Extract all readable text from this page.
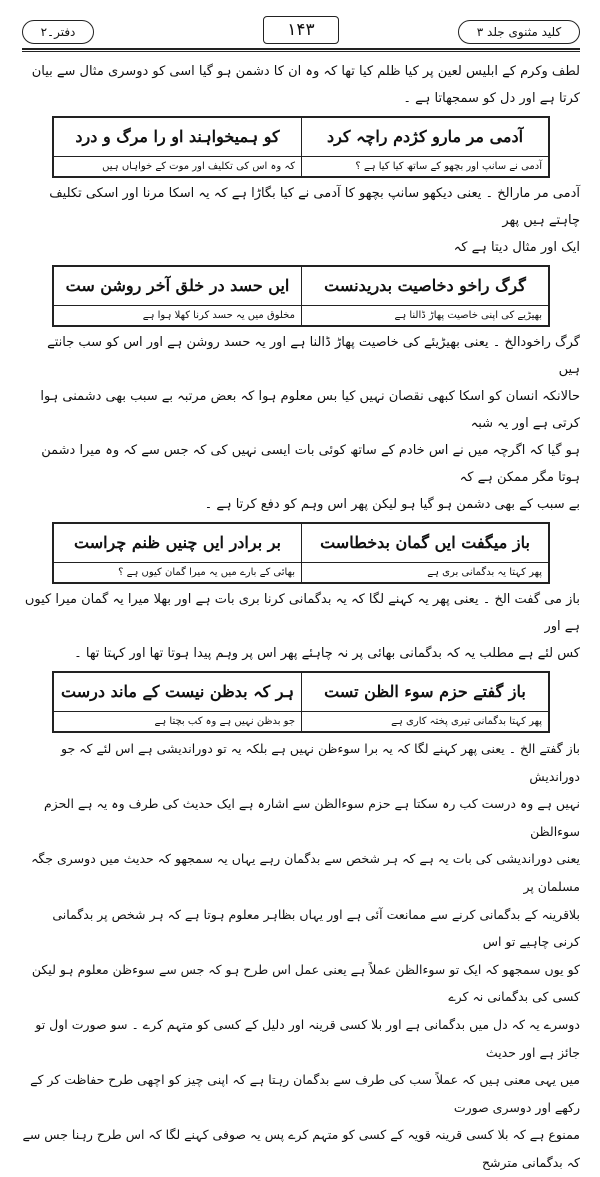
کلید مثنوی جلد ۳
۱۴۳
دفتر۔۲

لطف وکرم کے ابلیس لعین پر کیا ظلم کیا تھا کہ وہ ان کا دشمن ہو گیا اسی کو دوسری مثال سے بیان کرتا ہے اور دل کو سمجھاتا ہے ۔

آدمی مر مارو کژدم راچہ کرد
کو ہمیخواہند او را مرگ و درد
آدمی نے سانپ اور بچھو کے ساتھ کیا کیا ہے ؟
کہ وہ اس کی تکلیف اور موت کے خواہاں ہیں

آدمی مر مارالخ ۔ یعنی دیکھو سانپ بچھو کا آدمی نے کیا بگاڑا ہے کہ یہ اسکا مرنا اور اسکی تکلیف چاہتے ہیں پھر

ایک اور مثال دیتا ہے کہ

گرگ راخو دخاصیت بدریدنست
ایں حسد در خلق آخر روشن ست
بھیڑیے کی اپنی خاصیت پھاڑ ڈالنا ہے
مخلوق میں یہ حسد کرنا کھلا ہوا ہے

گرگ راخودالخ ۔ یعنی بھیڑیئے کی خاصیت پھاڑ ڈالنا ہے اور یہ حسد روشن ہے اور اس کو سب جانتے ہیں

حالانکہ انسان کو اسکا کبھی نقصان نہیں کیا بس معلوم ہوا کہ بعض مرتبہ بے سبب بھی دشمنی ہوا کرتی ہے اور یہ شبہ

ہو گیا کہ اگرچہ میں نے اس خادم کے ساتھ کوئی بات ایسی نہیں کی کہ جس سے کہ وہ میرا دشمن ہوتا مگر ممکن ہے کہ

بے سبب کے بھی دشمن ہو گیا ہو لیکن پھر اس وہم کو دفع کرتا ہے ۔

باز میگفت ایں گمان بدخطاست
بر برادر ایں چنیں ظنم چراست
پھر کہتا یہ بدگمانی بری ہے
بھائی کے بارے میں یہ میرا گمان کیوں ہے ؟

باز می گفت الخ ۔ یعنی پھر یہ کہنے لگا کہ یہ بدگمانی کرنا بری بات ہے اور بھلا میرا یہ گمان میرا کیوں ہے اور

کس لئے ہے مطلب یہ کہ بدگمانی بھائی پر نہ چاہئے پھر اس پر وہم پیدا ہوتا تھا اور کہتا تھا ۔

باز گفتے حزم سوء الظن تست
ہر کہ بدظن نیست کے ماند درست
پھر کہتا بدگمانی تیری پختہ کاری ہے
جو بدظن نہیں ہے وہ کب بچتا ہے

باز گفتے الخ ۔ یعنی پھر کہنے لگا کہ یہ برا سوءظن نہیں ہے بلکہ یہ تو دوراندیشی ہے اس لئے کہ جو دوراندیش

نہیں ہے وہ درست کب رہ سکتا ہے حزم سوءالظن سے اشارہ ہے ایک حدیث کی طرف وہ یہ ہے الحزم سوءالظن

یعنی دوراندیشی کی بات یہ ہے کہ ہر شخص سے بدگمان رہے یہاں یہ سمجھو کہ حدیث میں دوسری جگہ مسلمان پر

بلاقرینہ کے بدگمانی کرنے سے ممانعت آئی ہے اور یہاں بظاہر معلوم ہوتا ہے کہ ہر شخص پر بدگمانی کرنی چاہیے تو اس

کو یوں سمجھو کہ ایک تو سوءالظن عملاً ہے یعنی عمل اس طرح ہو کہ جس سے سوءظن معلوم ہو لیکن کسی کی بدگمانی نہ کرے

دوسرے یہ کہ دل میں بدگمانی ہے اور بلا کسی قرینہ اور دلیل کے کسی کو متہم کرے ۔ سو صورت اول تو جائز ہے اور حدیث

میں یہی معنی ہیں کہ عملاً سب کی طرف سے بدگمان رہتا ہے کہ اپنی چیز کو اچھی طرح حفاظت کر کے رکھے اور دوسری صورت

ممنوع ہے کہ بلا کسی قرینہ قویہ کے کسی کو متہم کرے پس یہ صوفی کہنے لگا کہ اس طرح رہنا جس سے کہ بدگمانی مترشح
